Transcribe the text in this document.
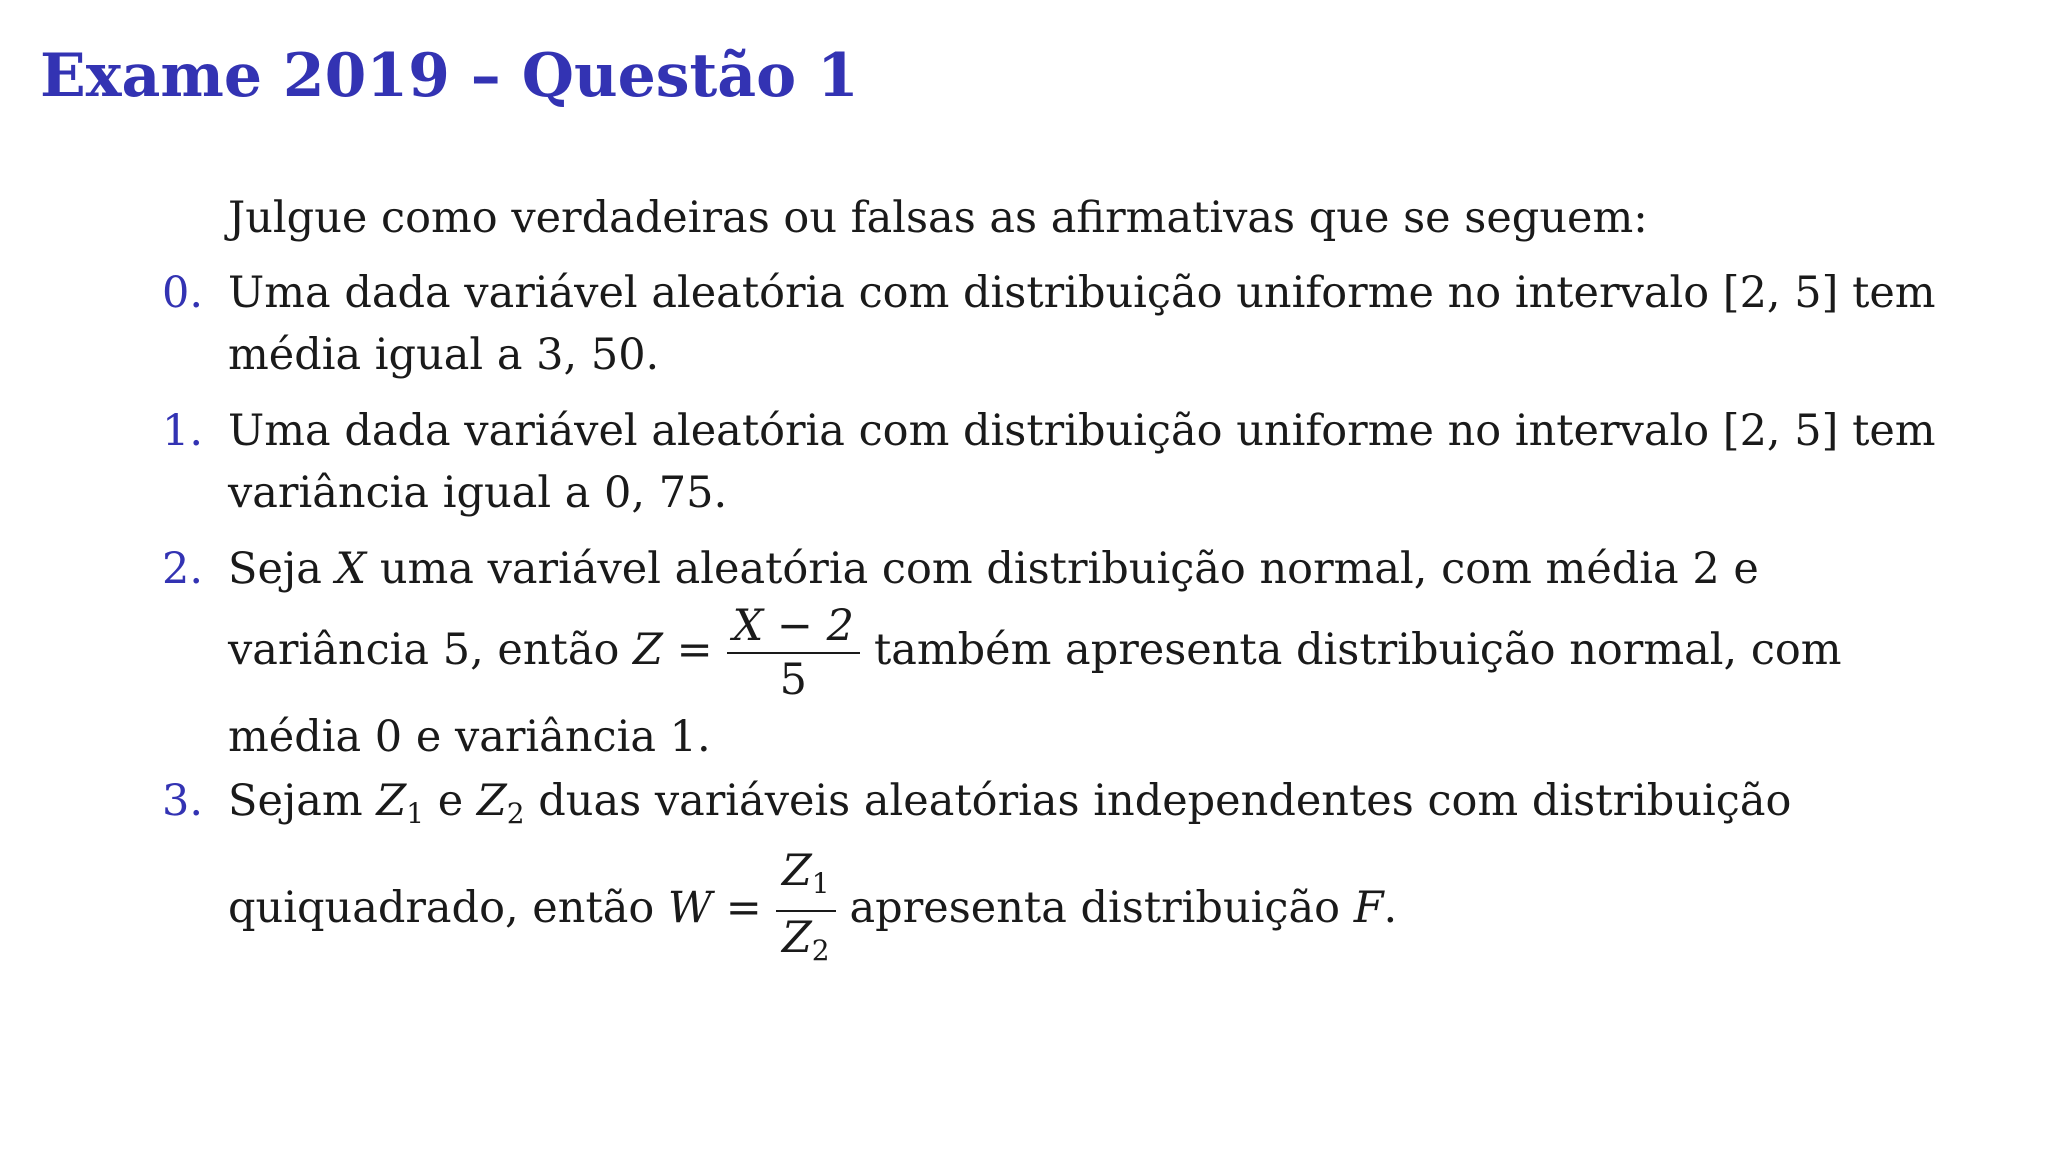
Exame 2019 – Questão 1
Julgue como verdadeiras ou falsas as afirmativas que se seguem:
0. Uma dada variável aleatória com distribuição uniforme no intervalo [2, 5] tem
média igual a 3, 50.
1. Uma dada variável aleatória com distribuição uniforme no intervalo [2, 5] tem
variância igual a 0, 75.
2. Seja X uma variável aleatória com distribuição normal, com média 2 e
variância 5, então $Z = \frac{X - 2}{5}$ também apresenta distribuição normal, com
média 0 e variância 1.
3. Sejam $Z_1$ e $Z_2$ duas variáveis aleatórias independentes com distribuição
quiquadrado, então $W = \frac{Z_1}{Z_2}$ apresenta distribuição F.
